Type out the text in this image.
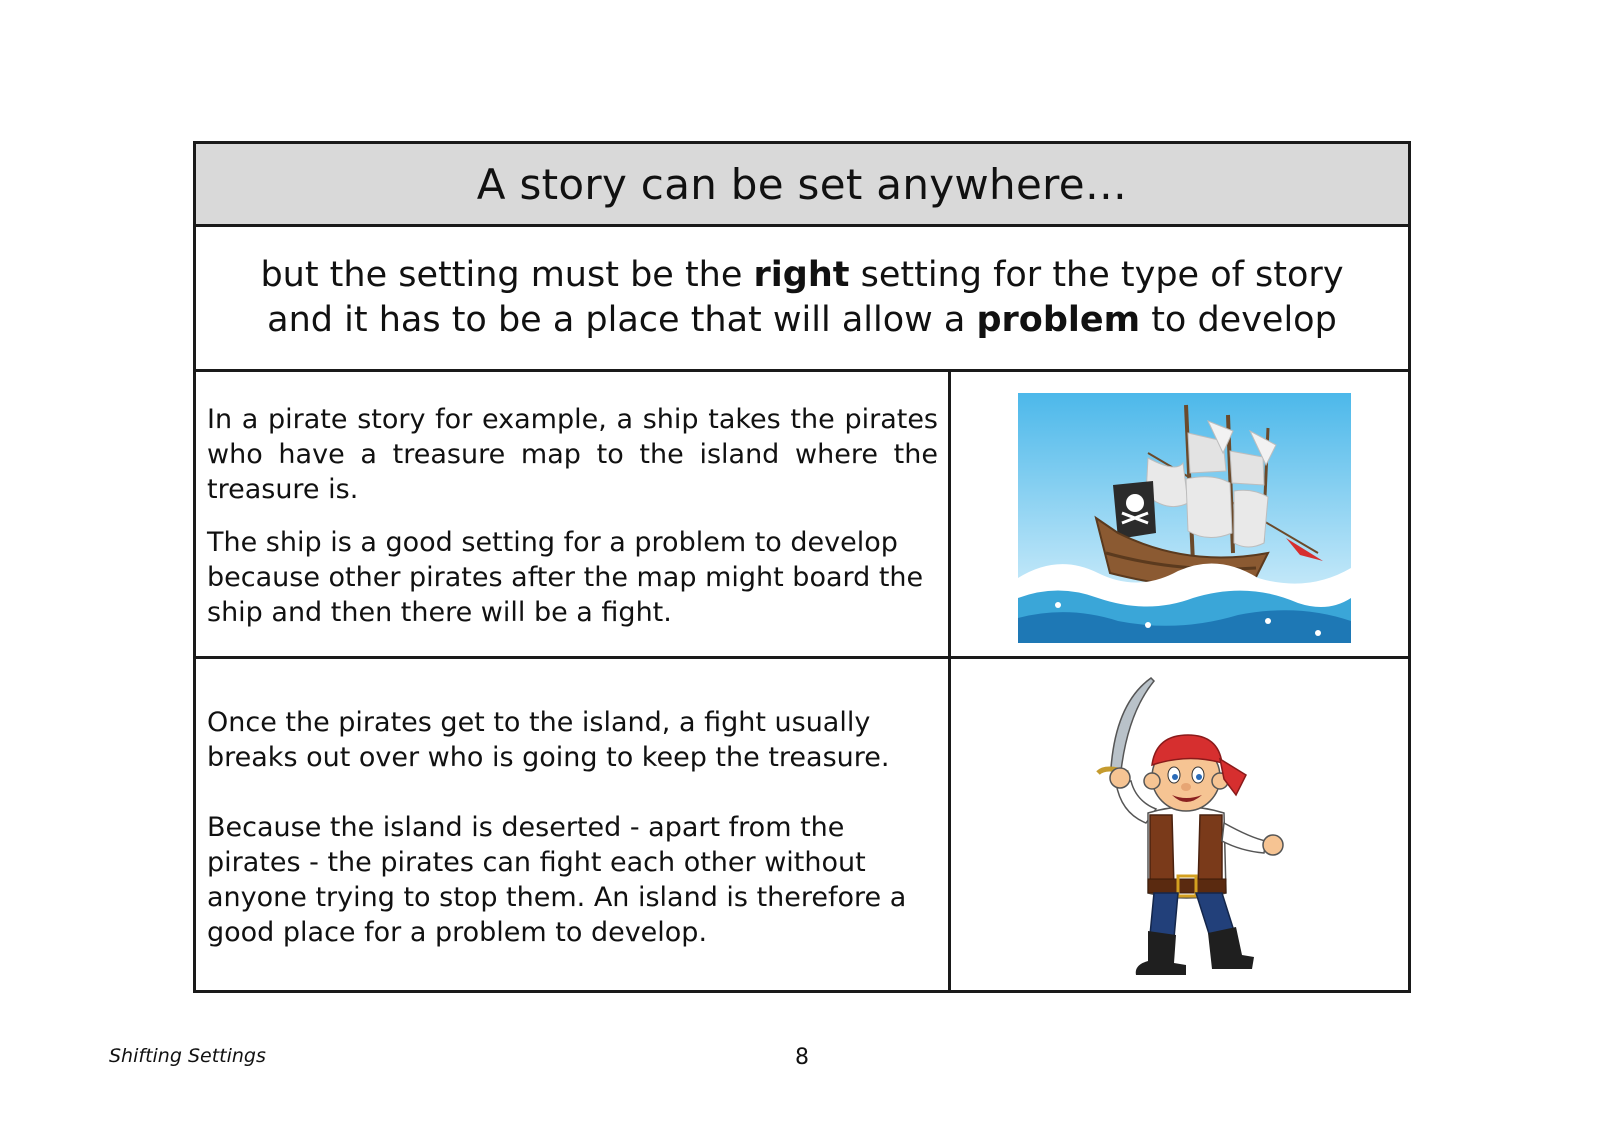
A story can be set anywhere…
but the setting must be the right setting for the type of story
and it has to be a place that will allow a problem to develop

In a pirate story for example, a ship takes the pirates who have a treasure map to the island where the treasure is.

The ship is a good setting for a problem to develop because other pirates after the map might board the ship and then there will be a fight.

Once the pirates get to the island, a fight usually breaks out over who is going to keep the treasure.

Because the island is deserted - apart from the pirates - the pirates can fight each other without anyone trying to stop them. An island is therefore a good place for a problem to develop.

Shifting Settings	8
